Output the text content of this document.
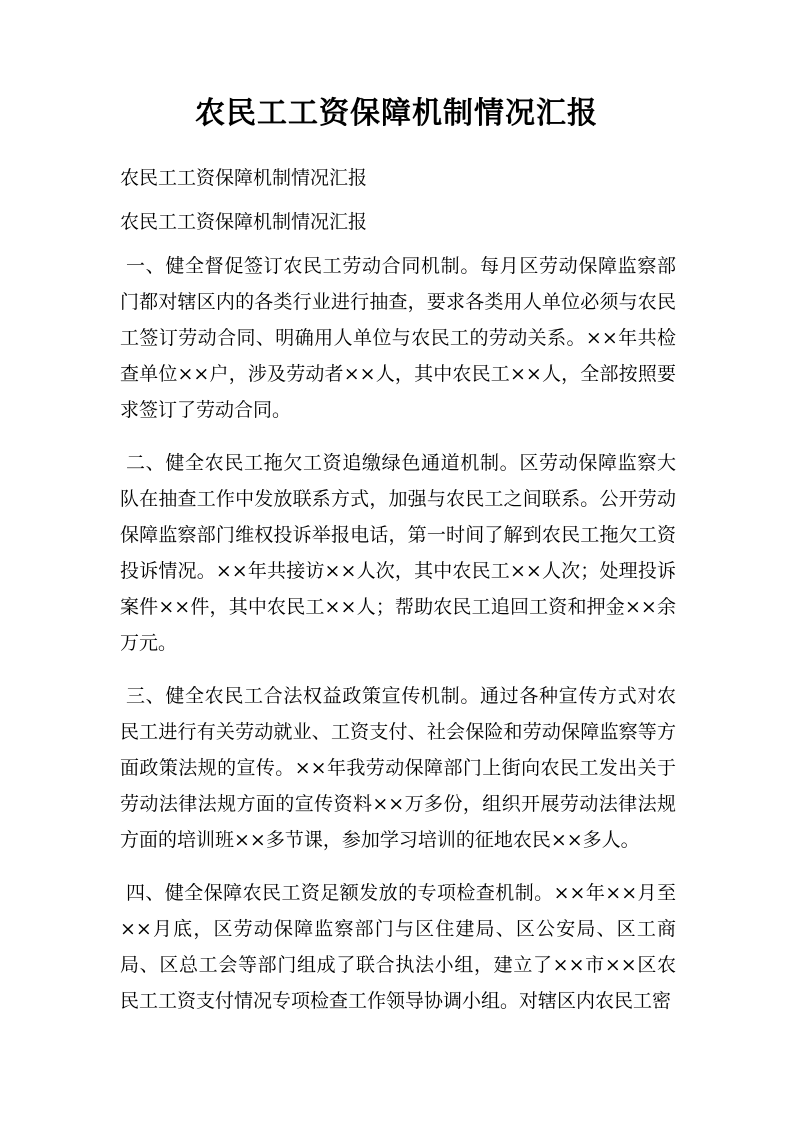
农民工工资保障机制情况汇报

农民工工资保障机制情况汇报

农民工工资保障机制情况汇报

一、健全督促签订农民工劳动合同机制。每月区劳动保障监察部门都对辖区内的各类行业进行抽查，要求各类用人单位必须与农民工签订劳动合同、明确用人单位与农民工的劳动关系。××年共检查单位××户，涉及劳动者××人，其中农民工××人，全部按照要求签订了劳动合同。

二、健全农民工拖欠工资追缴绿色通道机制。区劳动保障监察大队在抽查工作中发放联系方式，加强与农民工之间联系。公开劳动保障监察部门维权投诉举报电话，第一时间了解到农民工拖欠工资投诉情况。××年共接访××人次，其中农民工××人次；处理投诉案件××件，其中农民工××人；帮助农民工追回工资和押金××余万元。

三、健全农民工合法权益政策宣传机制。通过各种宣传方式对农民工进行有关劳动就业、工资支付、社会保险和劳动保障监察等方面政策法规的宣传。××年我劳动保障部门上街向农民工发出关于劳动法律法规方面的宣传资料××万多份，组织开展劳动法律法规方面的培训班××多节课，参加学习培训的征地农民××多人。

四、健全保障农民工资足额发放的专项检查机制。××年××月至××月底，区劳动保障监察部门与区住建局、区公安局、区工商局、区总工会等部门组成了联合执法小组，建立了××市××区农民工工资支付情况专项检查工作领导协调小组。对辖区内农民工密
